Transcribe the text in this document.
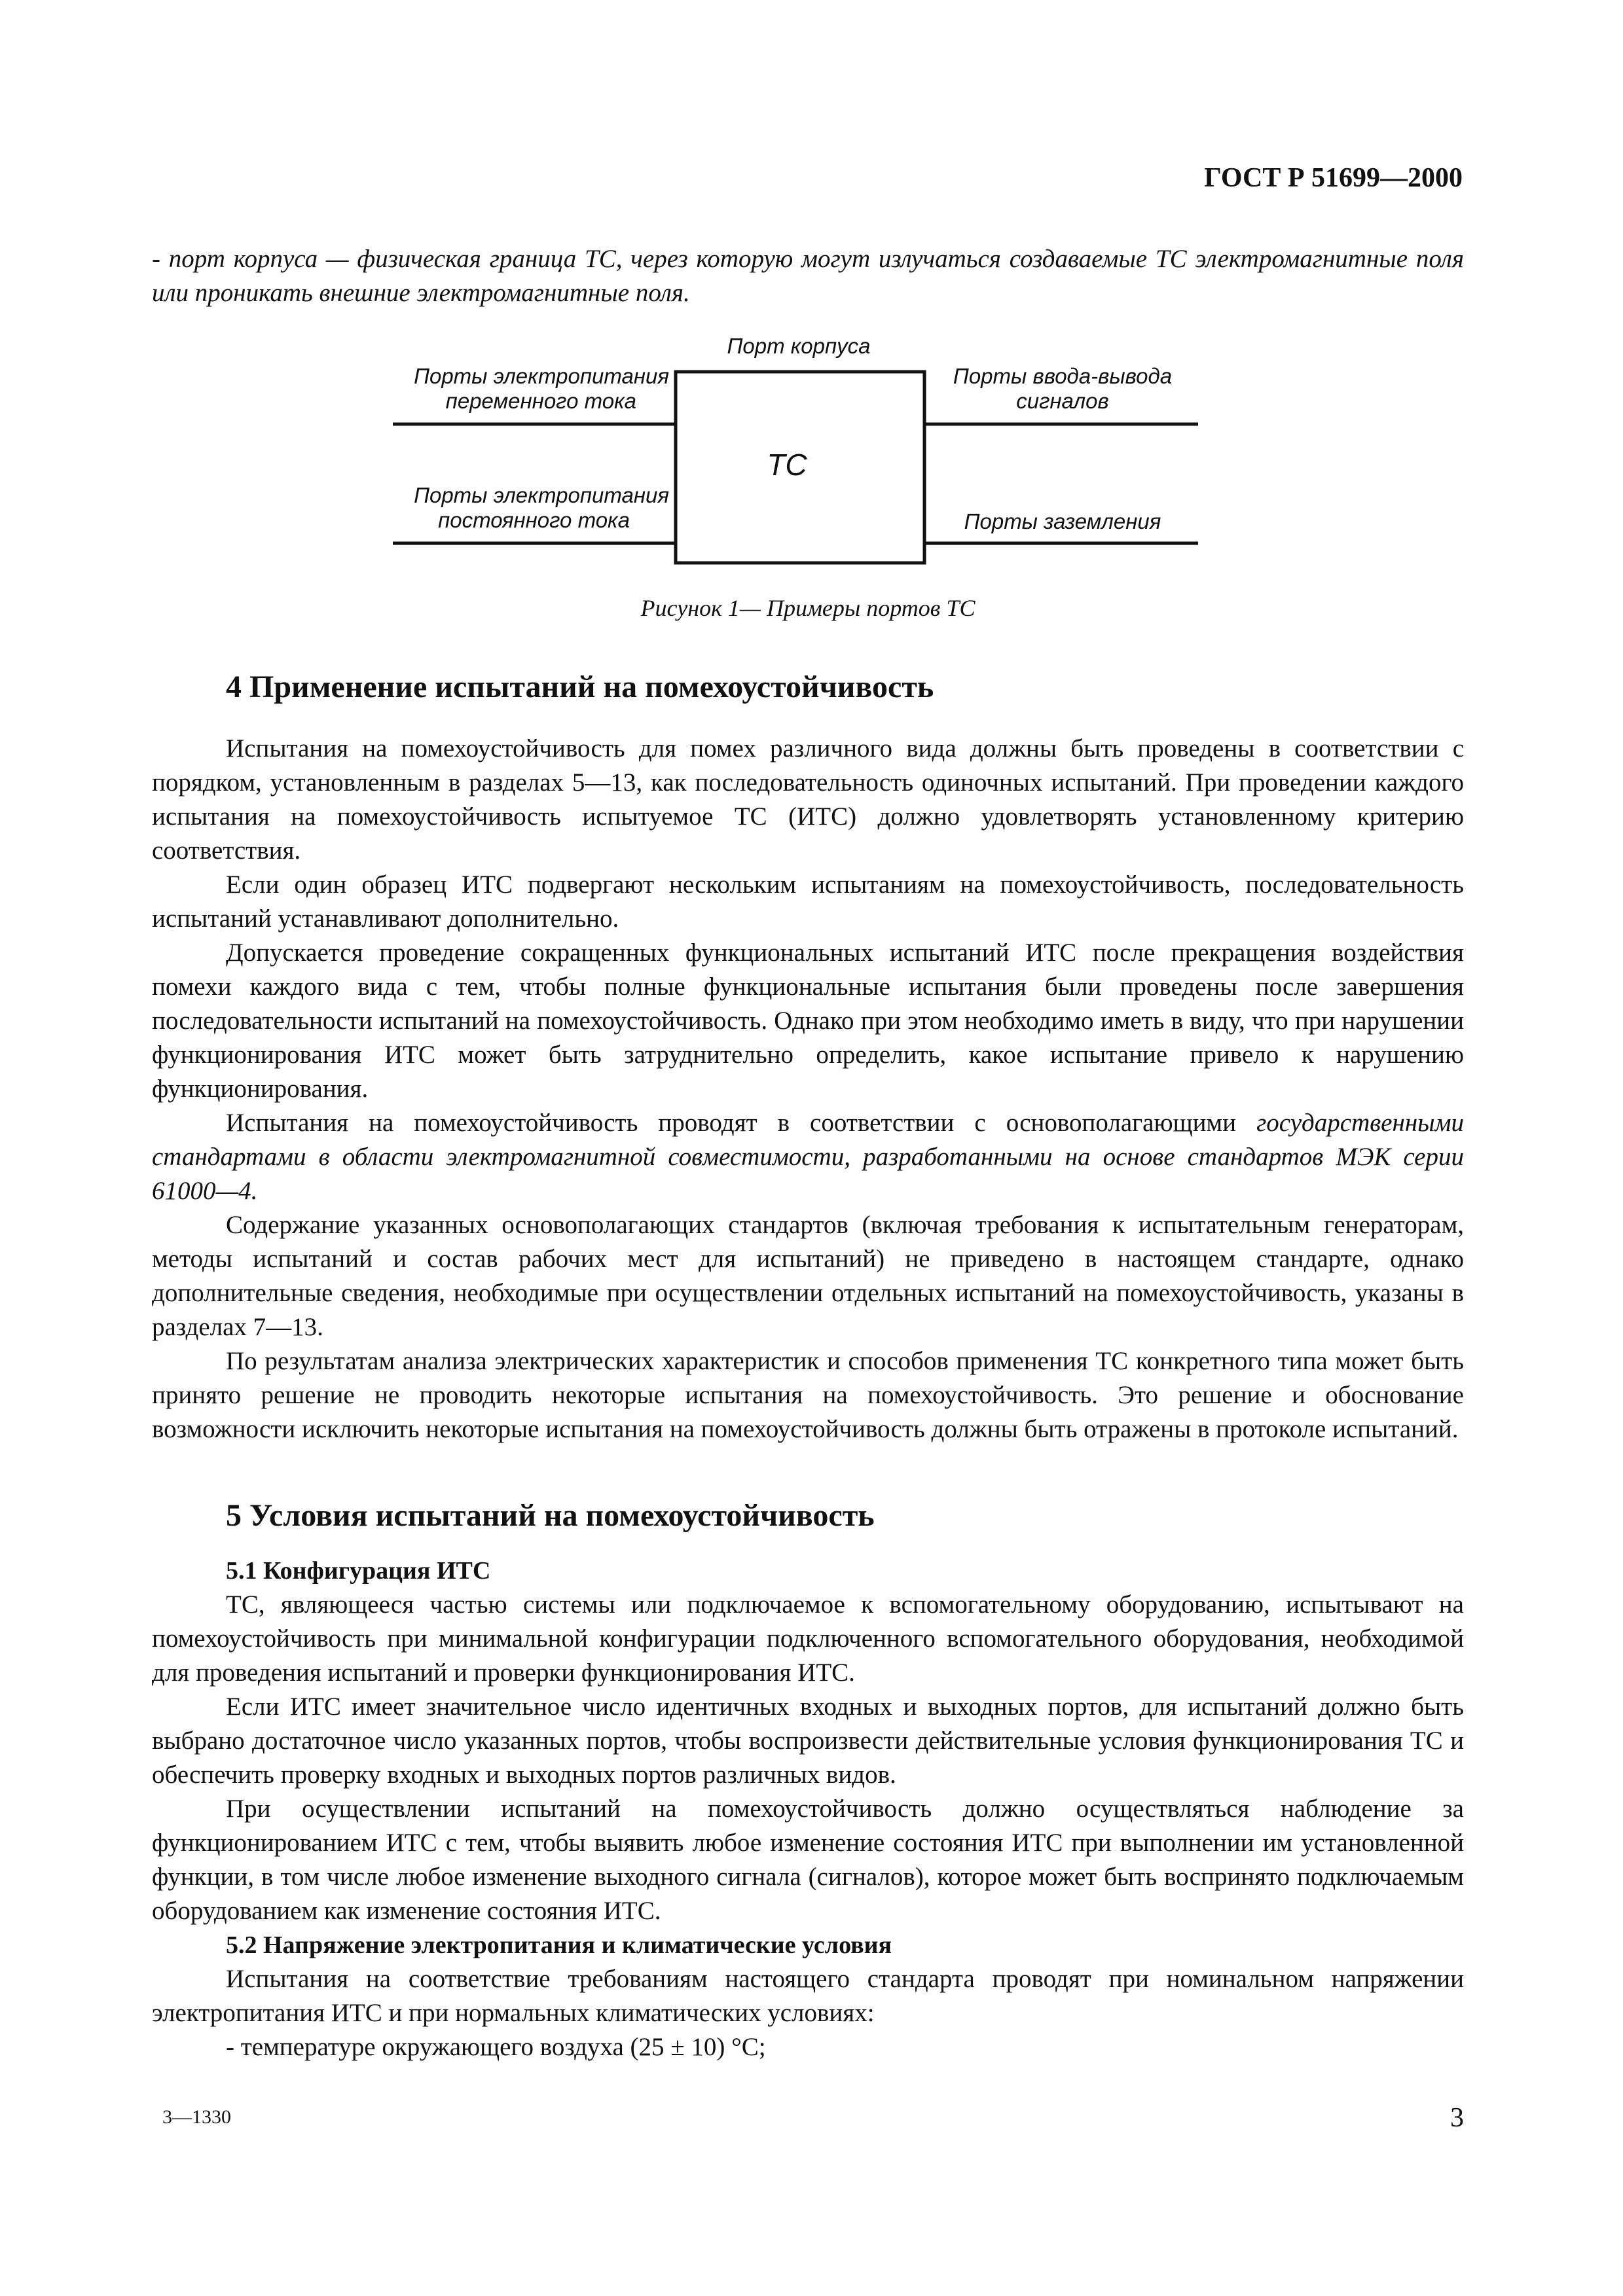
ГОСТ Р 51699—2000

- порт корпуса — физическая граница ТС, через которую могут излучаться создаваемые ТС электромагнитные поля или проникать внешние электромагнитные поля.

Порт корпуса
Порты электропитания
переменного тока
Порты электропитания
постоянного тока
ТС
Порты ввода-вывода
сигналов
Порты заземления
Рисунок 1— Примеры портов ТС
4 Применение испытаний на помехоустойчивость

Испытания на помехоустойчивость для помех различного вида должны быть проведены в соответствии с порядком, установленным в разделах 5—13, как последовательность одиночных испытаний. При проведении каждого испытания на помехоустойчивость испытуемое ТС (ИТС) должно удовлетворять установленному критерию соответствия.

Если один образец ИТС подвергают нескольким испытаниям на помехоустойчивость, последовательность испытаний устанавливают дополнительно.

Допускается проведение сокращенных функциональных испытаний ИТС после прекращения воздействия помехи каждого вида с тем, чтобы полные функциональные испытания были проведены после завершения последовательности испытаний на помехоустойчивость. Однако при этом необходимо иметь в виду, что при нарушении функционирования ИТС может быть затруднительно определить, какое испытание привело к нарушению функционирования.

Испытания на помехоустойчивость проводят в соответствии с основополагающими государственными стандартами в области электромагнитной совместимости, разработанными на основе стандартов МЭК серии 61000—4.

Содержание указанных основополагающих стандартов (включая требования к испытательным генераторам, методы испытаний и состав рабочих мест для испытаний) не приведено в настоящем стандарте, однако дополнительные сведения, необходимые при осуществлении отдельных испытаний на помехоустойчивость, указаны в разделах 7—13.

По результатам анализа электрических характеристик и способов применения ТС конкретного типа может быть принято решение не проводить некоторые испытания на помехоустойчивость. Это решение и обоснование возможности исключить некоторые испытания на помехоустойчивость должны быть отражены в протоколе испытаний.

5 Условия испытаний на помехоустойчивость
5.1 Конфигурация ИТС

ТС, являющееся частью системы или подключаемое к вспомогательному оборудованию, испытывают на помехоустойчивость при минимальной конфигурации подключенного вспомогательного оборудования, необходимой для проведения испытаний и проверки функционирования ИТС.

Если ИТС имеет значительное число идентичных входных и выходных портов, для испытаний должно быть выбрано достаточное число указанных портов, чтобы воспроизвести действительные условия функционирования ТС и обеспечить проверку входных и выходных портов различных видов.

При осуществлении испытаний на помехоустойчивость должно осуществляться наблюдение за функционированием ИТС с тем, чтобы выявить любое изменение состояния ИТС при выполнении им установленной функции, в том числе любое изменение выходного сигнала (сигналов), которое может быть воспринято подключаемым оборудованием как изменение состояния ИТС.

5.2 Напряжение электропитания и климатические условия

Испытания на соответствие требованиям настоящего стандарта проводят при номинальном напряжении электропитания ИТС и при нормальных климатических условиях:

- температуре окружающего воздуха (25 ± 10) °С;

3—1330	3
